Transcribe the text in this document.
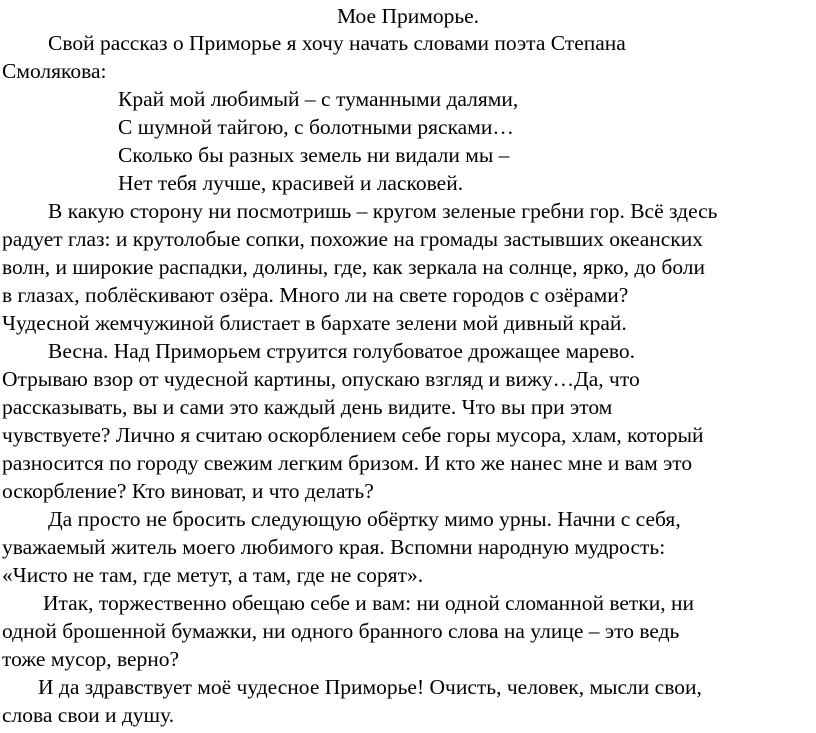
Мое Приморье.
Свой рассказ о Приморье я хочу начать словами поэта Степана
Смолякова:
Край мой любимый – с туманными далями,
С шумной тайгою, с болотными рясками…
Сколько бы разных земель ни видали мы –
Нет тебя лучше, красивей и ласковей.
В какую сторону ни посмотришь – кругом зеленые гребни гор. Всё здесь
радует глаз: и крутолобые сопки, похожие на громады застывших океанских
волн, и широкие распадки, долины, где, как зеркала на солнце, ярко, до боли
в глазах, поблёскивают озёра. Много ли на свете городов с озёрами?
Чудесной жемчужиной блистает в бархате зелени мой дивный край.
Весна. Над Приморьем струится голубоватое дрожащее марево.
Отрываю взор от чудесной картины, опускаю взгляд и вижу…Да, что
рассказывать, вы и сами это каждый день видите. Что вы при этом
чувствуете? Лично я считаю оскорблением себе горы мусора, хлам, который
разносится по городу свежим легким бризом. И кто же нанес мне и вам это
оскорбление? Кто виноват, и что делать?
Да просто не бросить следующую обёртку мимо урны. Начни с себя,
уважаемый житель моего любимого края. Вспомни народную мудрость:
«Чисто не там, где метут, а там, где не сорят».
Итак, торжественно обещаю себе и вам: ни одной сломанной ветки, ни
одной брошенной бумажки, ни одного бранного слова на улице – это ведь
тоже мусор, верно?
И да здравствует моё чудесное Приморье! Очисть, человек, мысли свои,
слова свои и душу.
